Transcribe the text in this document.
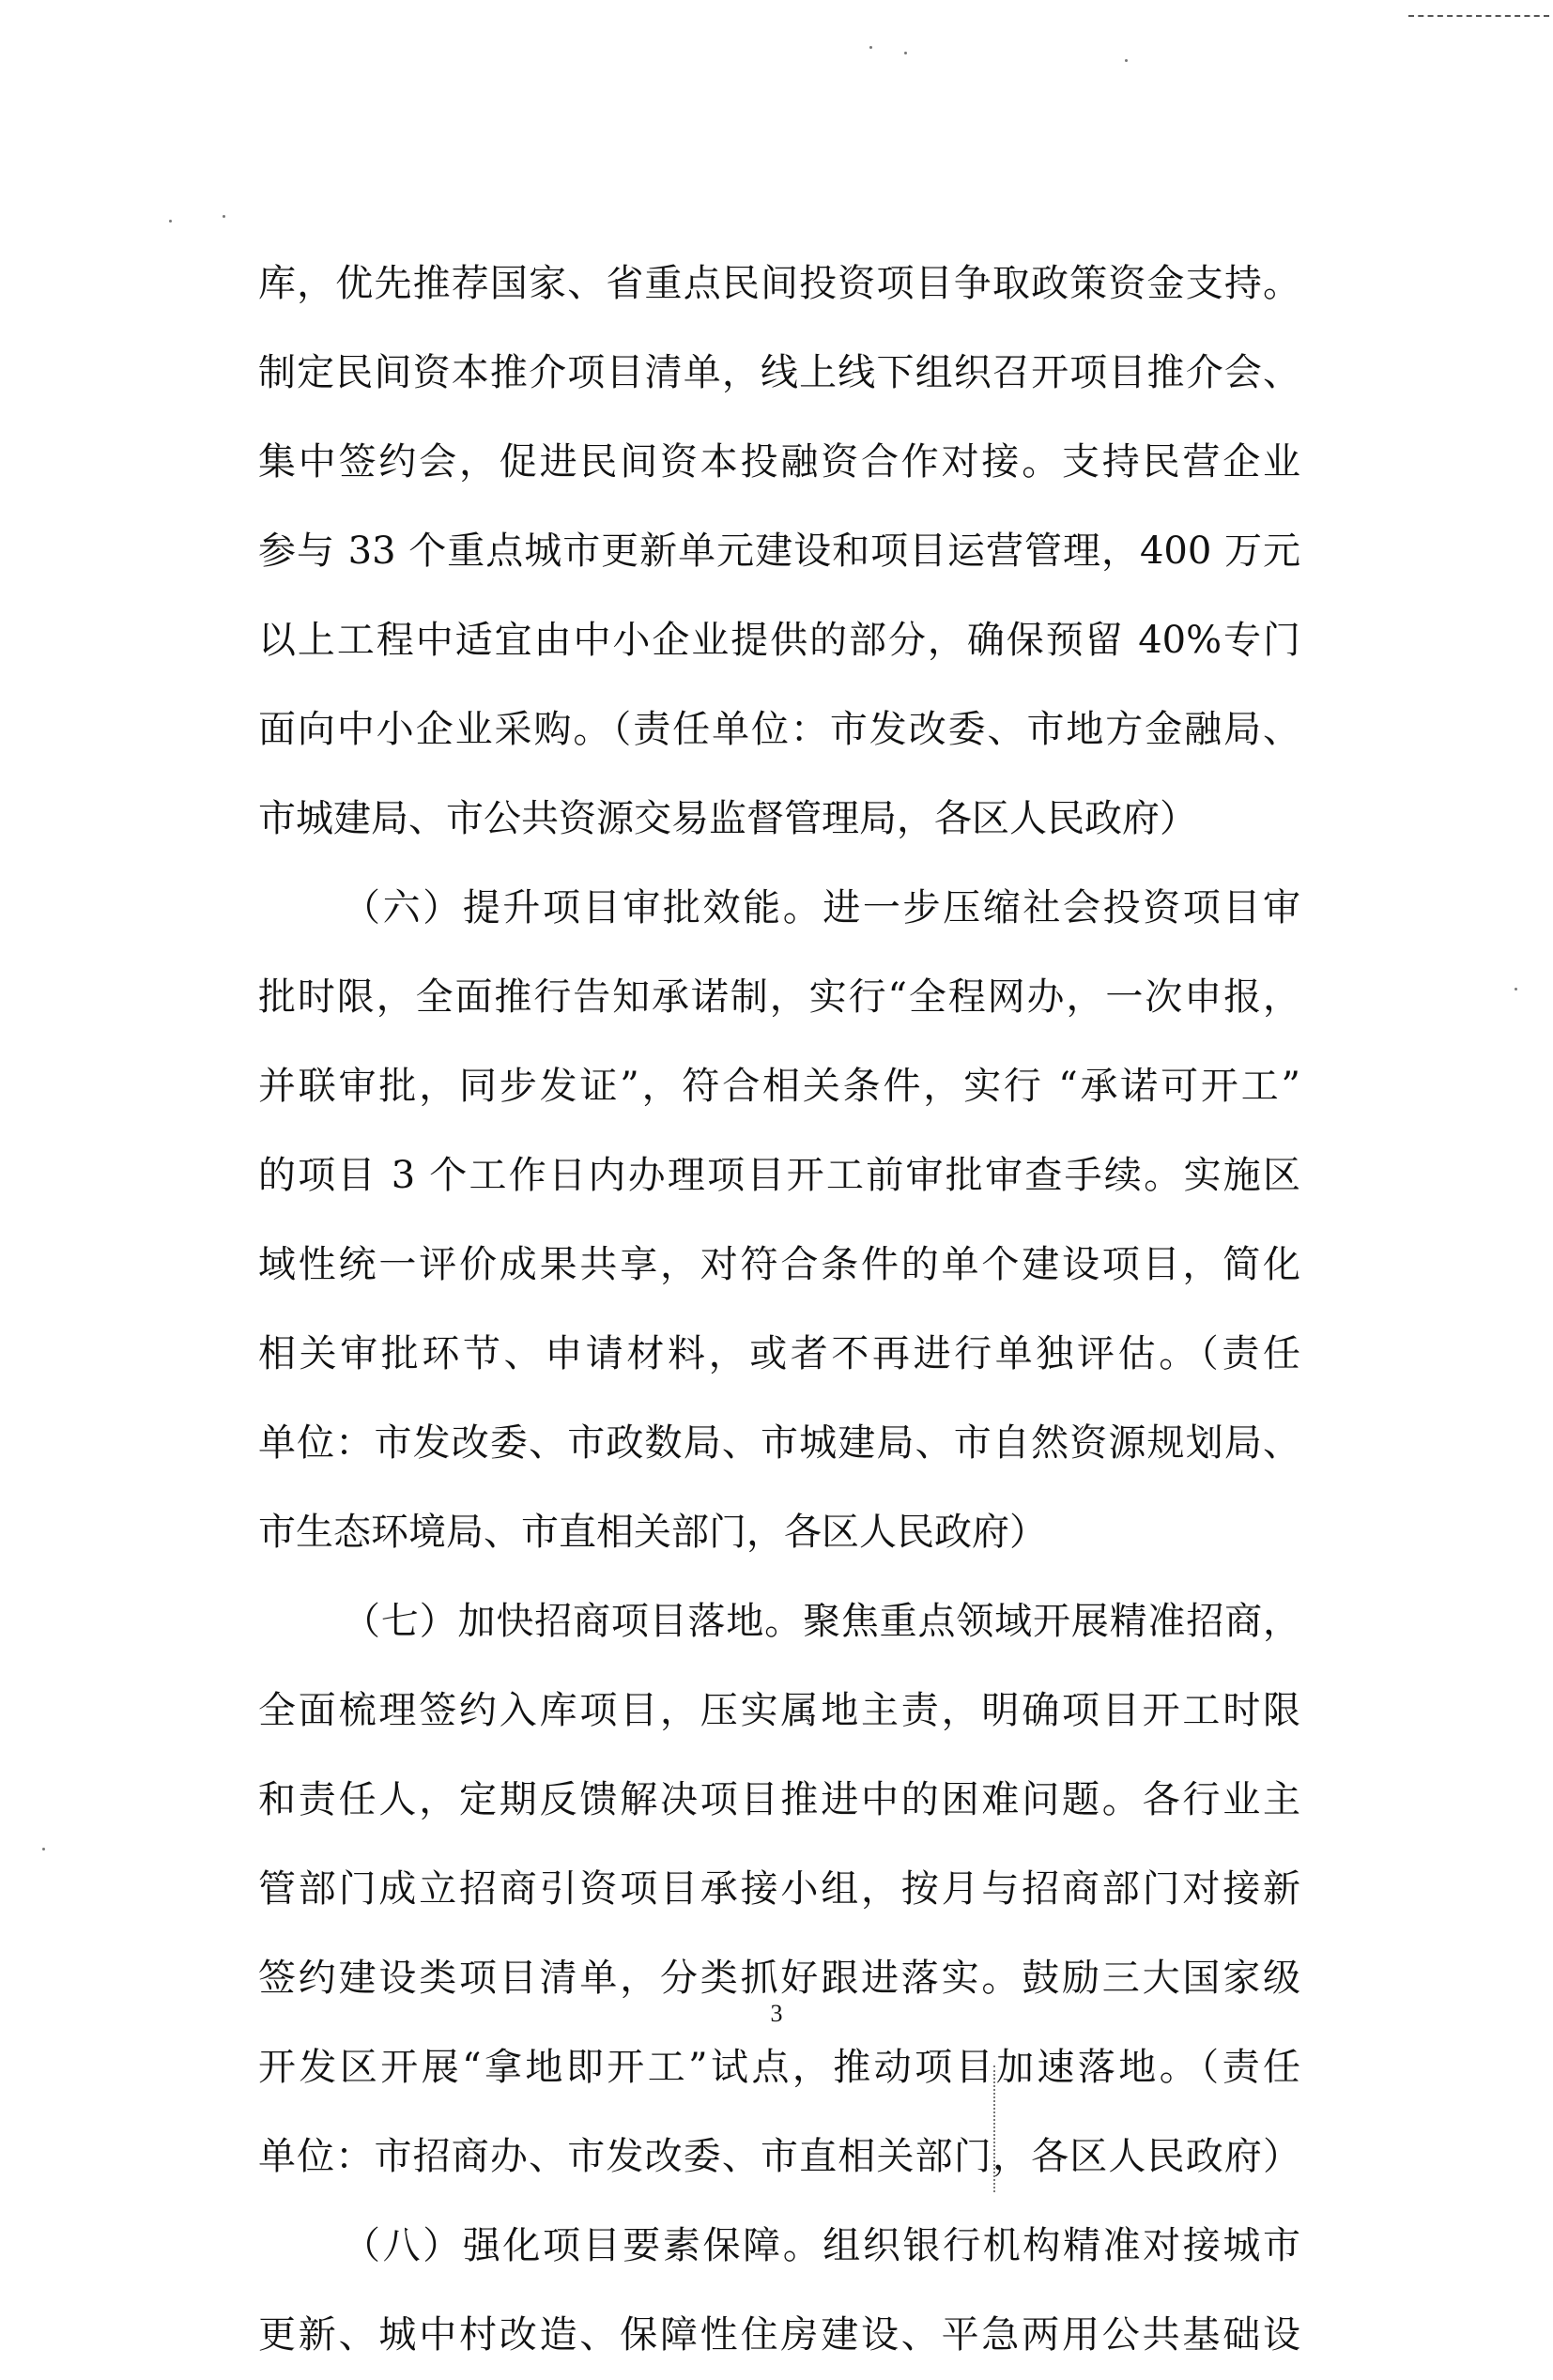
库，优先推荐国家、省重点民间投资项目争取政策资金支持。
制定民间资本推介项目清单，线上线下组织召开项目推介会、
集中签约会，促进民间资本投融资合作对接。支持民营企业
参与 33 个重点城市更新单元建设和项目运营管理，400 万元
以上工程中适宜由中小企业提供的部分，确保预留 40%专门
面向中小企业采购。（责任单位：市发改委、市地方金融局、
市城建局、市公共资源交易监督管理局，各区人民政府）
（六）提升项目审批效能。进一步压缩社会投资项目审
批时限，全面推行告知承诺制，实行“全程网办，一次申报，
并联审批，同步发证”，符合相关条件，实行 “承诺可开工”
的项目 3 个工作日内办理项目开工前审批审查手续。实施区
域性统一评价成果共享，对符合条件的单个建设项目，简化
相关审批环节、申请材料，或者不再进行单独评估。（责任
单位：市发改委、市政数局、市城建局、市自然资源规划局、
市生态环境局、市直相关部门，各区人民政府）
（七）加快招商项目落地。聚焦重点领域开展精准招商，
全面梳理签约入库项目，压实属地主责，明确项目开工时限
和责任人，定期反馈解决项目推进中的困难问题。各行业主
管部门成立招商引资项目承接小组，按月与招商部门对接新
签约建设类项目清单，分类抓好跟进落实。鼓励三大国家级
开发区开展“拿地即开工”试点，推动项目加速落地。（责任
单位：市招商办、市发改委、市直相关部门，各区人民政府）
（八）强化项目要素保障。组织银行机构精准对接城市
更新、城中村改造、保障性住房建设、平急两用公共基础设
3
